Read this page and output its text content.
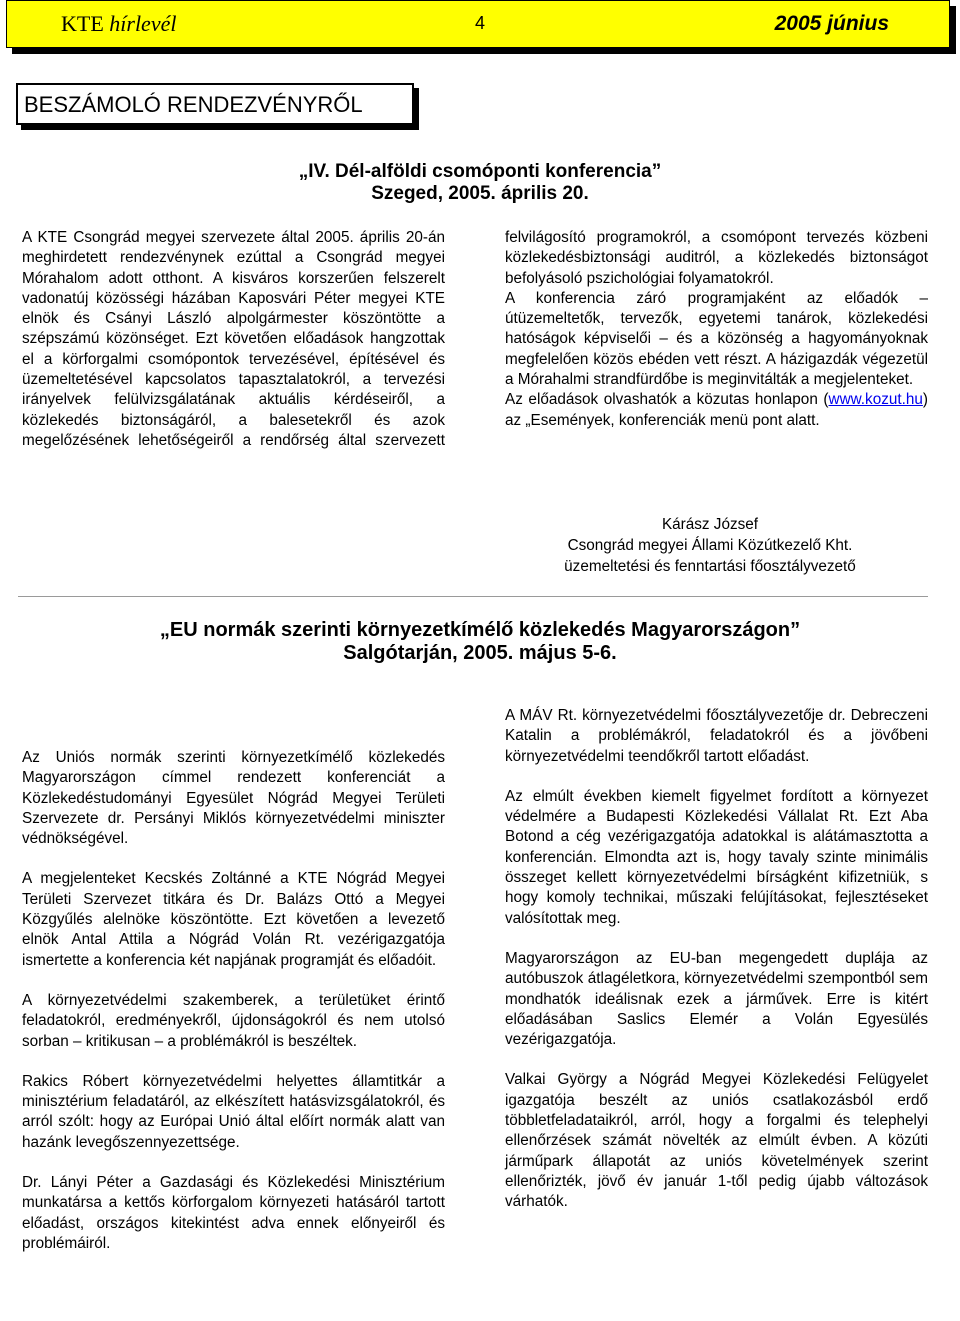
KTE hírlevél	4	2005 június
BESZÁMOLÓ RENDEZVÉNYRŐL
„IV. Dél-alföldi csomóponti konferencia”
Szeged, 2005. április 20.

A KTE Csongrád megyei szervezete által 2005. április 20-án meghirdetett rendezvénynek ezúttal a Csongrád megyei Mórahalom adott otthont. A kisváros korszerűen felszerelt vadonatúj közösségi házában Kaposvári Péter megyei KTE elnök és Csányi László alpolgármester köszöntötte a szépszámú közönséget. Ezt követően előadások hangzottak el a körforgalmi csomópontok tervezésével, építésével és üzemeltetésével kapcsolatos tapasztalatokról, a tervezési irányelvek felülvizsgálatának aktuális kérdéseiről, a közlekedés biztonságáról, a balesetekről és azok megelőzésének lehetőségeiről a rendőrség által szervezett

felvilágosító programokról, a csomópont tervezés közbeni közlekedésbiztonsági auditról, a közlekedés biztonságot befolyásoló pszichológiai folyamatokról.

A konferencia záró programjaként az előadók – útüzemeltetők, tervezők, egyetemi tanárok, közlekedési hatóságok képviselői – és a közönség a hagyományoknak megfelelően közös ebéden vett részt. A házigazdák végezetül a Mórahalmi strandfürdőbe is meginvitálták a megjelenteket.

Az előadások olvashatók a közutas honlapon (www.kozut.hu) az „Események, konferenciák menü pont alatt.

Kárász József
Csongrád megyei Állami Közútkezelő Kht.
üzemeltetési és fenntartási főosztályvezető
„EU normák szerinti környezetkímélő közlekedés Magyarországon”
Salgótarján, 2005. május 5-6.

Az Uniós normák szerinti környezetkímélő közlekedés Magyarországon címmel rendezett konferenciát a Közlekedéstudományi Egyesület Nógrád Megyei Területi Szervezete dr. Persányi Miklós környezetvédelmi miniszter védnökségével.

A megjelenteket Kecskés Zoltánné a KTE Nógrád Megyei Területi Szervezet titkára és Dr. Balázs Ottó a Megyei Közgyűlés alelnöke köszöntötte. Ezt követően a levezető elnök Antal Attila a Nógrád Volán Rt. vezérigazgatója ismertette a konferencia két napjának programját és előadóit.

A környezetvédelmi szakemberek, a területüket érintő feladatokról, eredményekről, újdonságokról és nem utolsó sorban – kritikusan – a problémákról is beszéltek.

Rakics Róbert környezetvédelmi helyettes államtitkár a minisztérium feladatáról, az elkészített hatásvizsgálatokról, és arról szólt: hogy az Európai Unió által előírt normák alatt van hazánk levegőszennyezettsége.

Dr. Lányi Péter a Gazdasági és Közlekedési Minisztérium munkatársa a kettős körforgalom környezeti hatásáról tartott előadást, országos kitekintést adva ennek előnyeiről és problémáiról.

A MÁV Rt. környezetvédelmi főosztályvezetője dr. Debreczeni Katalin a problémákról, feladatokról és a jövőbeni környezetvédelmi teendőkről tartott előadást.

Az elmúlt években kiemelt figyelmet fordított a környezet védelmére a Budapesti Közlekedési Vállalat Rt. Ezt Aba Botond a cég vezérigazgatója adatokkal is alátámasztotta a konferencián. Elmondta azt is, hogy tavaly szinte minimális összeget kellett környezetvédelmi bírságként kifizetniük, s hogy komoly technikai, műszaki felújításokat, fejlesztéseket valósítottak meg.

Magyarországon az EU-ban megengedett duplája az autóbuszok átlagéletkora, környezetvédelmi szempontból sem mondhatók ideálisnak ezek a járművek. Erre is kitért előadásában Saslics Elemér a Volán Egyesülés vezérigazgatója.

Valkai György a Nógrád Megyei Közlekedési Felügyelet igazgatója beszélt az uniós csatlakozásból erdő többletfeladataikról, arról, hogy a forgalmi és telephelyi ellenőrzések számát növelték az elmúlt évben. A közúti járműpark állapotát az uniós követelmények szerint ellenőrizték, jövő év január 1-től pedig újabb változások várhatók.
